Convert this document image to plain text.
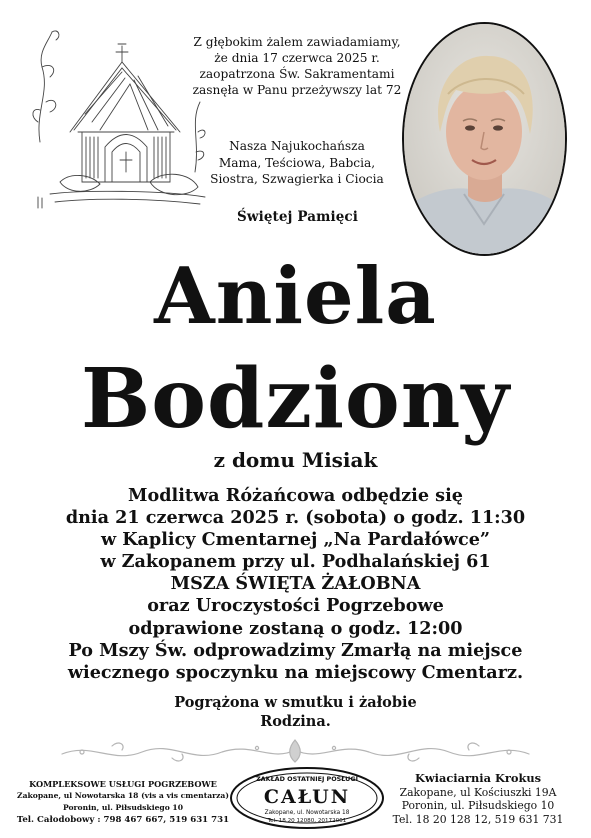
Z głębokim żalem zawiadamiamy,
że dnia 17 czerwca 2025 r.
zaopatrzona Św. Sakramentami
zasnęła w Panu przeżywszy lat 72
Nasza Najukochańsza
Mama, Teściowa, Babcia,
Siostra, Szwagierka i Ciocia
Świętej Pamięci
Aniela
Bodziony
z domu Misiak
Modlitwa Różańcowa odbędzie się
dnia 21 czerwca 2025 r. (sobota) o godz. 11:30
w Kaplicy Cmentarnej „Na Pardałówce”
w Zakopanem przy ul. Podhalańskiej 61
MSZA ŚWIĘTA ŻAŁOBNA
oraz Uroczystości Pogrzebowe
odprawione zostaną o godz. 12:00
Po Mszy Św. odprowadzimy Zmarłą na miejsce
wiecznego spoczynku na miejscowy Cmentarz.
Pogrążona w smutku i żałobie
Rodzina.
KOMPLEKSOWE USŁUGI POGRZEBOWE
Zakopane, ul Nowotarska 18 (vis a vis cmentarza)
Poronin, ul. Piłsudskiego 10
Tel. Całodobowy : 798 467 667, 519 631 731
ZAKŁAD OSTATNIEJ POSŁUGI
CAŁUN
Zakopane, ul. Nowotarska 18
Tel. 18 20 12080, 20172061
Kwiaciarnia Krokus
Zakopane, ul Kościuszki 19A
Poronin, ul. Piłsudskiego 10
Tel. 18 20 128 12, 519 631 731
